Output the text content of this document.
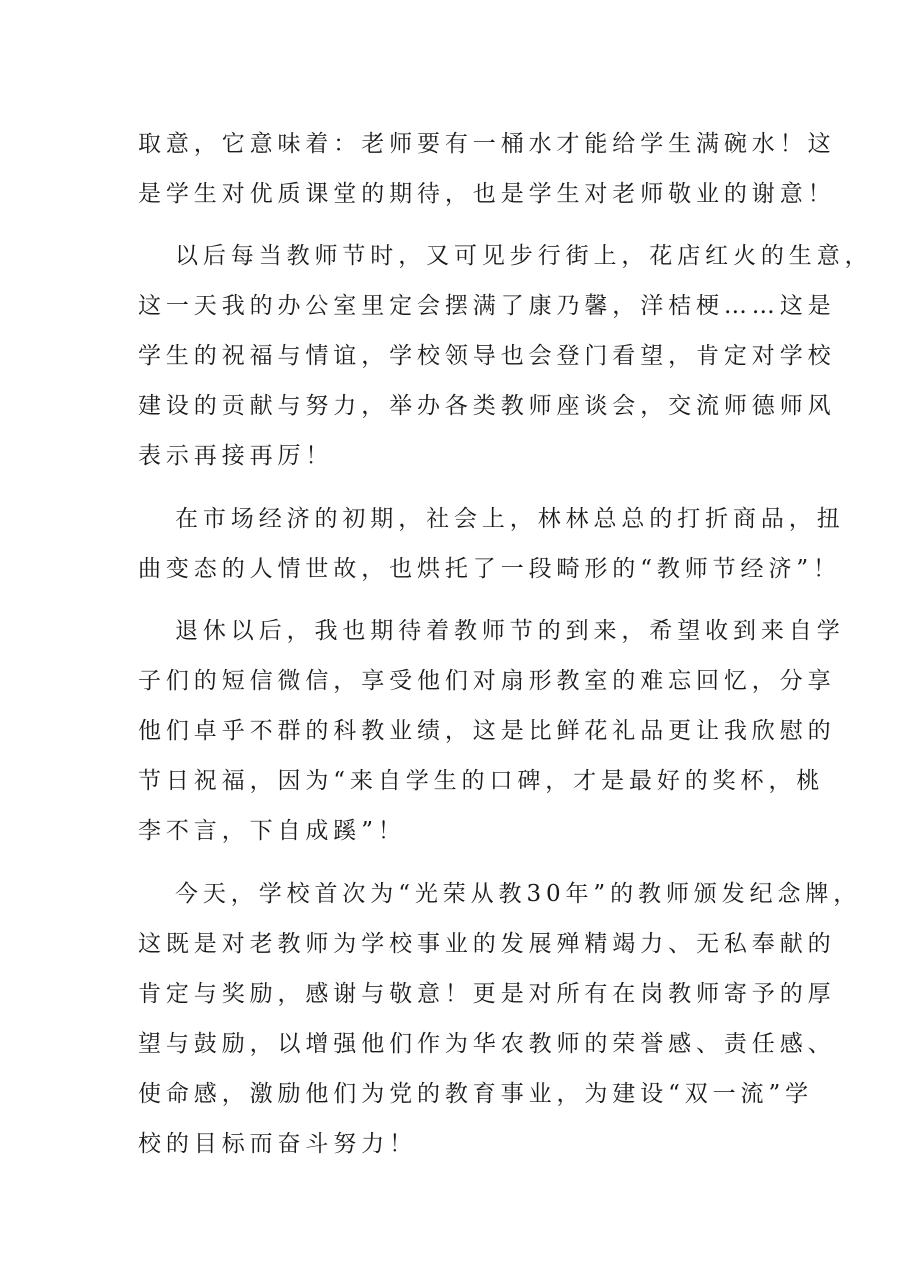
取意，它意味着：老师要有一桶水才能给学生满碗水！这
是学生对优质课堂的期待，也是学生对老师敬业的谢意！
以后每当教师节时，又可见步行街上，花店红火的生意，
这一天我的办公室里定会摆满了康乃馨，洋桔梗……这是
学生的祝福与情谊，学校领导也会登门看望，肯定对学校
建设的贡献与努力，举办各类教师座谈会，交流师德师风
表示再接再厉！
在市场经济的初期，社会上，林林总总的打折商品，扭
曲变态的人情世故，也烘托了一段畸形的“教师节经济”！
退休以后，我也期待着教师节的到来，希望收到来自学
子们的短信微信，享受他们对扇形教室的难忘回忆，分享
他们卓乎不群的科教业绩，这是比鲜花礼品更让我欣慰的
节日祝福，因为“来自学生的口碑，才是最好的奖杯，桃
李不言，下自成蹊”！
今天，学校首次为“光荣从教30年”的教师颁发纪念牌，
这既是对老教师为学校事业的发展殚精竭力、无私奉献的
肯定与奖励，感谢与敬意！更是对所有在岗教师寄予的厚
望与鼓励，以增强他们作为华农教师的荣誉感、责任感、
使命感，激励他们为党的教育事业，为建设“双一流”学
校的目标而奋斗努力！
